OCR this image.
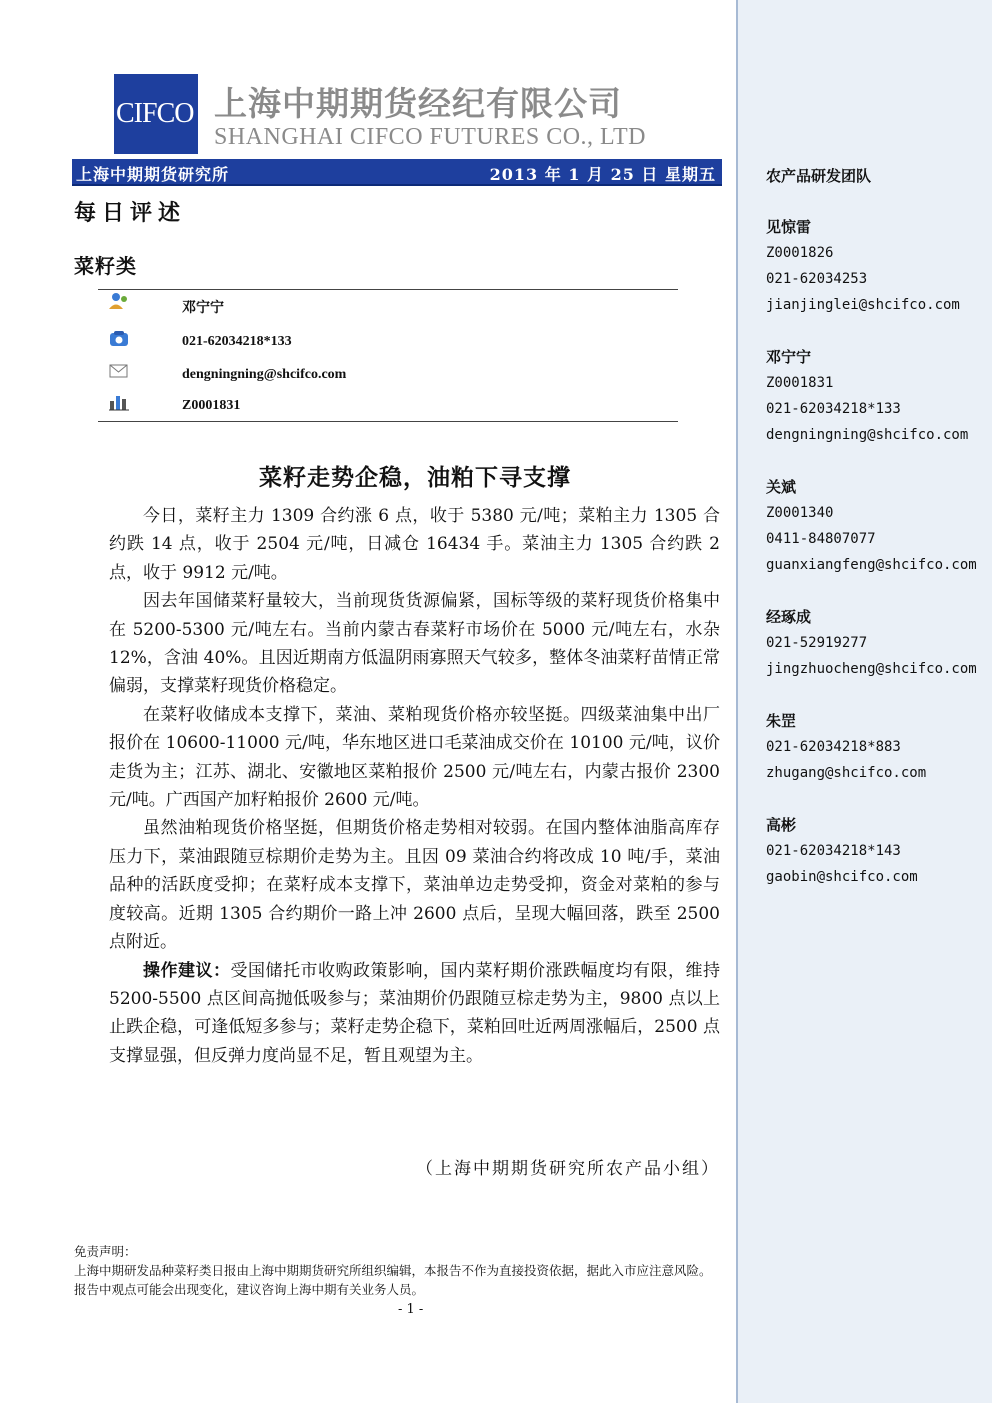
CIFCO 上海中期期货经纪有限公司
SHANGHAI CIFCO FUTURES CO., LTD
上海中期期货研究所	2013 年 1 月 25 日 星期五
每日评述
菜籽类
邓宁宁
021-62034218*133
dengningning@shcifco.com
Z0001831
菜籽走势企稳，油粕下寻支撑

今日，菜籽主力 1309 合约涨 6 点，收于 5380 元/吨；菜粕主力 1305 合约跌 14 点，收于 2504 元/吨，日减仓 16434 手。菜油主力 1305 合约跌 2 点，收于 9912 元/吨。

因去年国储菜籽量较大，当前现货货源偏紧，国标等级的菜籽现货价格集中在 5200-5300 元/吨左右。当前内蒙古春菜籽市场价在 5000 元/吨左右，水杂 12%，含油 40%。且因近期南方低温阴雨寡照天气较多，整体冬油菜籽苗情正常偏弱，支撑菜籽现货价格稳定。

在菜籽收储成本支撑下，菜油、菜粕现货价格亦较坚挺。四级菜油集中出厂报价在 10600-11000 元/吨，华东地区进口毛菜油成交价在 10100 元/吨，议价走货为主；江苏、湖北、安徽地区菜粕报价 2500 元/吨左右，内蒙古报价 2300 元/吨。广西国产加籽粕报价 2600 元/吨。

虽然油粕现货价格坚挺，但期货价格走势相对较弱。在国内整体油脂高库存压力下，菜油跟随豆棕期价走势为主。且因 09 菜油合约将改成 10 吨/手，菜油品种的活跃度受抑；在菜籽成本支撑下，菜油单边走势受抑，资金对菜粕的参与度较高。近期 1305 合约期价一路上冲 2600 点后，呈现大幅回落，跌至 2500 点附近。

操作建议：受国储托市收购政策影响，国内菜籽期价涨跌幅度均有限，维持 5200-5500 点区间高抛低吸参与；菜油期价仍跟随豆棕走势为主，9800 点以上止跌企稳，可逢低短多参与；菜籽走势企稳下，菜粕回吐近两周涨幅后，2500 点支撑显强，但反弹力度尚显不足，暂且观望为主。

（上海中期期货研究所农产品小组）
免责声明：
上海中期研发品种菜籽类日报由上海中期期货研究所组织编辑，本报告不作为直接投资依据，据此入市应注意风险。报告中观点可能会出现变化，建议咨询上海中期有关业务人员。
- 1 -
农产品研发团队
见惊雷
Z0001826
021-62034253
jianjinglei@shcifco.com
邓宁宁
Z0001831
021-62034218*133
dengningning@shcifco.com
关斌
Z0001340
0411-84807077
guanxiangfeng@shcifco.com
经琢成
021-52919277
jingzhuocheng@shcifco.com
朱罡
021-62034218*883
zhugang@shcifco.com
高彬
021-62034218*143
gaobin@shcifco.com
